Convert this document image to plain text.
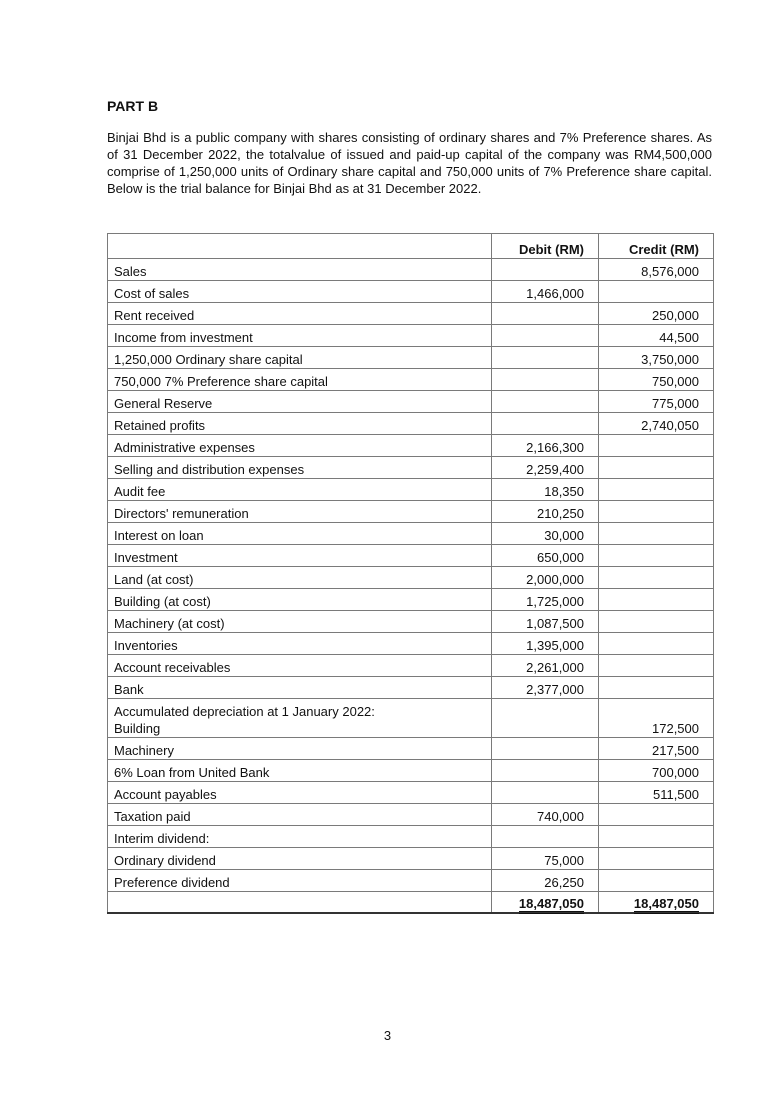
PART B

Binjai Bhd is a public company with shares consisting of ordinary shares and 7% Preference shares. As of 31 December 2022, the totalvalue of issued and paid-up capital of the company was RM4,500,000 comprise of 1,250,000 units of Ordinary share capital and 750,000 units of 7% Preference share capital. Below is the trial balance for Binjai Bhd as at 31 December 2022.

	Debit (RM)	Credit (RM)
Sales		8,576,000
Cost of sales	1,466,000	
Rent received		250,000
Income from investment		44,500
1,250,000 Ordinary share capital		3,750,000
750,000 7% Preference share capital		750,000
General Reserve		775,000
Retained profits		2,740,050
Administrative expenses	2,166,300	
Selling and distribution expenses	2,259,400	
Audit fee	18,350	
Directors' remuneration	210,250	
Interest on loan	30,000	
Investment	650,000	
Land (at cost)	2,000,000	
Building (at cost)	1,725,000	
Machinery (at cost)	1,087,500	
Inventories	1,395,000	
Account receivables	2,261,000	
Bank	2,377,000	

Accumulated depreciation at 1 January 2022:
Building		172,500
Machinery		217,500
6% Loan from United Bank		700,000
Account payables		511,500
Taxation paid	740,000	
Interim dividend:		
Ordinary dividend	75,000	
Preference dividend	26,250	
	18,487,050	18,487,050

3
